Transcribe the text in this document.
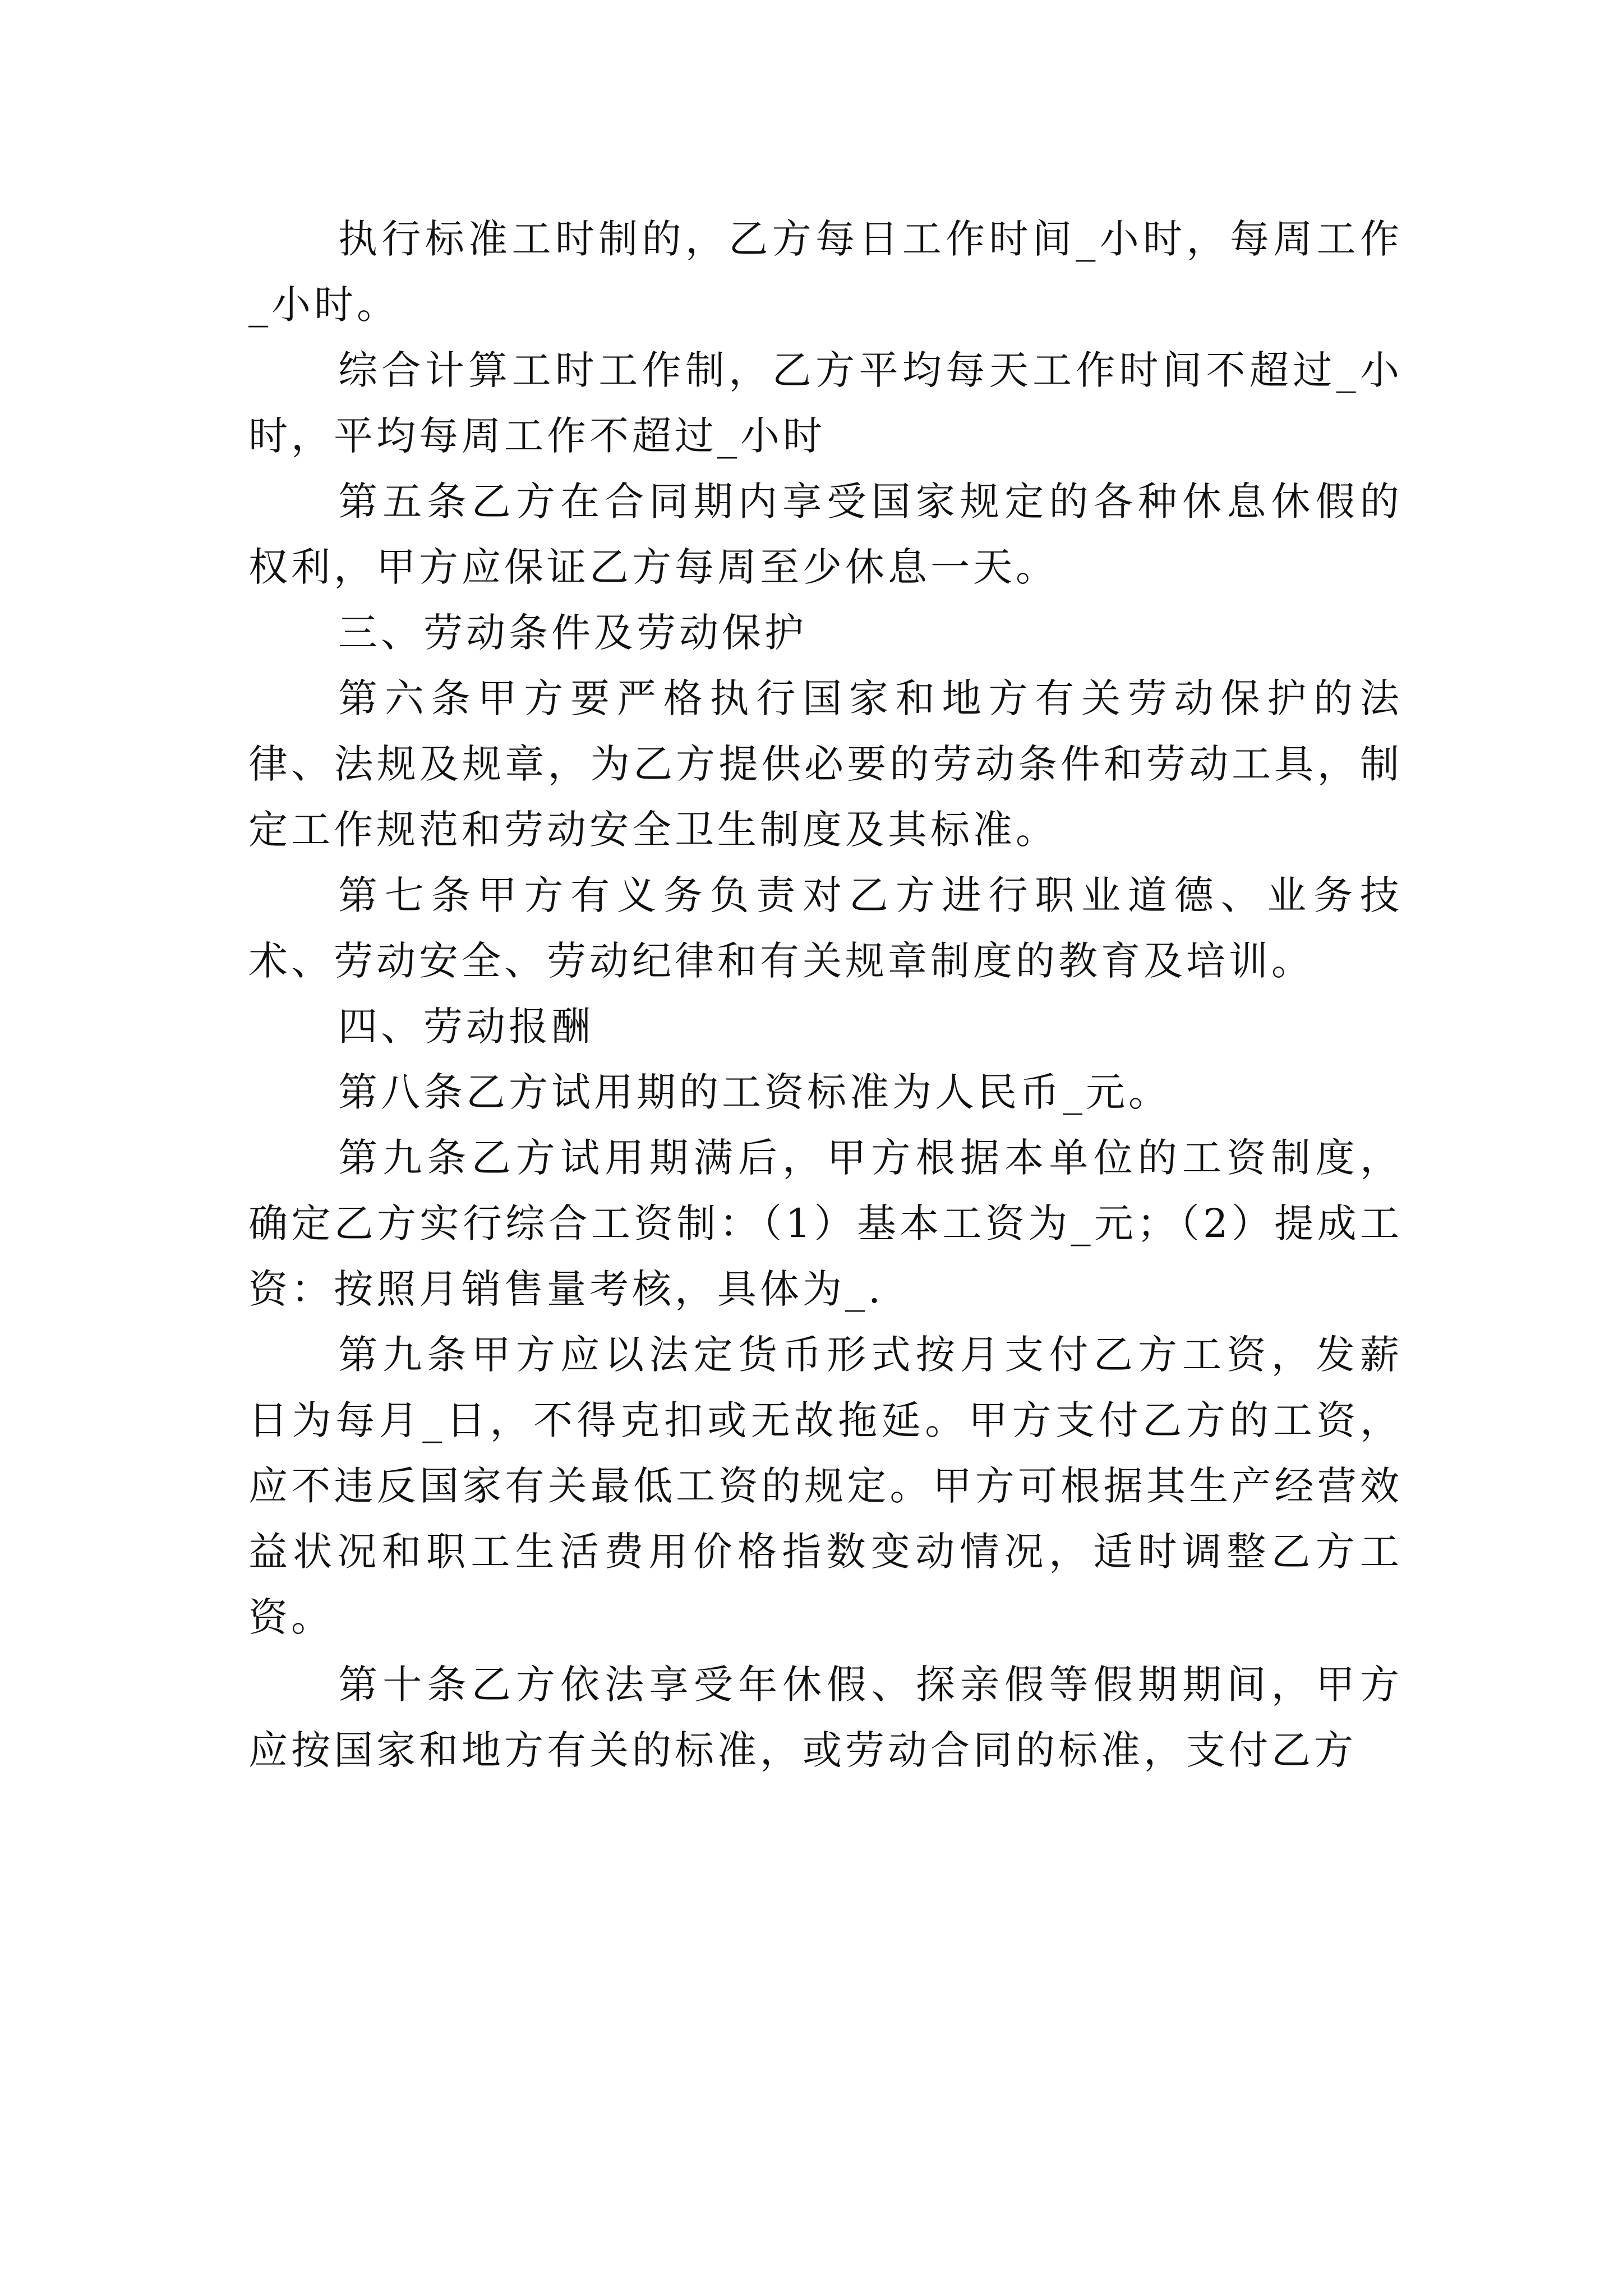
执行标准工时制的，乙方每日工作时间_小时，每周工作_小时。

综合计算工时工作制，乙方平均每天工作时间不超过_小时，平均每周工作不超过_小时

第五条乙方在合同期内享受国家规定的各种休息休假的权利，甲方应保证乙方每周至少休息一天。

三、劳动条件及劳动保护

第六条甲方要严格执行国家和地方有关劳动保护的法律、法规及规章，为乙方提供必要的劳动条件和劳动工具，制定工作规范和劳动安全卫生制度及其标准。

第七条甲方有义务负责对乙方进行职业道德、业务技术、劳动安全、劳动纪律和有关规章制度的教育及培训。

四、劳动报酬

第八条乙方试用期的工资标准为人民币_元。

第九条乙方试用期满后，甲方根据本单位的工资制度，确定乙方实行综合工资制：（1）基本工资为_元；（2）提成工资：按照月销售量考核，具体为_.

第九条甲方应以法定货币形式按月支付乙方工资，发薪日为每月_日，不得克扣或无故拖延。甲方支付乙方的工资，应不违反国家有关最低工资的规定。甲方可根据其生产经营效益状况和职工生活费用价格指数变动情况，适时调整乙方工资。

第十条乙方依法享受年休假、探亲假等假期期间，甲方应按国家和地方有关的标准，或劳动合同的标准，支付乙方
